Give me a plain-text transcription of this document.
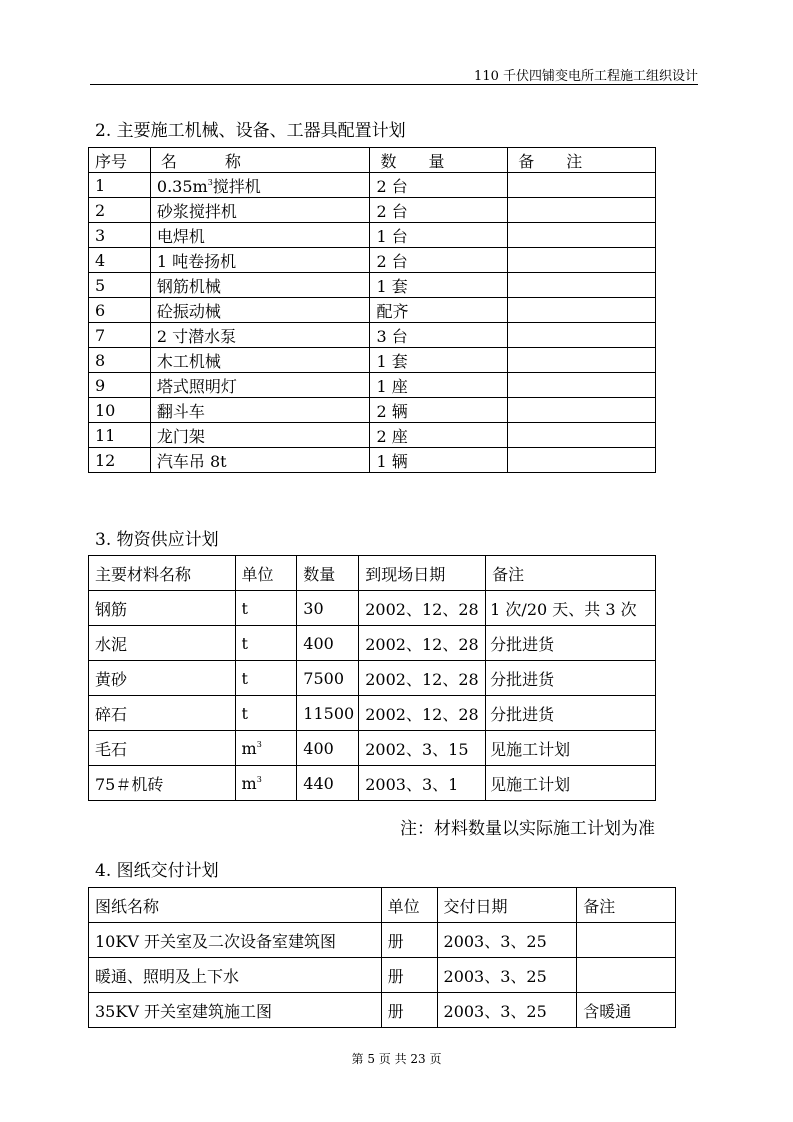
110 千伏四铺变电所工程施工组织设计
2. 主要施工机械、设备、工器具配置计划
序号	名　　　称	数　　量	备　　注
1	$0.35m^3$搅拌机	2 台	
2	砂浆搅拌机	2 台	
3	电焊机	1 台	
4	1 吨卷扬机	2 台	
5	钢筋机械	1 套	
6	砼振动械	配齐	
7	2 寸潜水泵	3 台	
8	木工机械	1 套	
9	塔式照明灯	1 座	
10	翻斗车	2 辆	
11	龙门架	2 座	
12	汽车吊 8t	1 辆	
3. 物资供应计划
主要材料名称	单位	数量	到现场日期	备注
钢筋	t	30	2002、12、28	1 次/20 天、共 3 次
水泥	t	400	2002、12、28	分批进货
黄砂	t	7500	2002、12、28	分批进货
碎石	t	11500	2002、12、28	分批进货
毛石	$m^3$	400	2002、3、15	见施工计划
75＃机砖	$m^3$	440	2003、3、1	见施工计划
注：材料数量以实际施工计划为准
4. 图纸交付计划
图纸名称	单位	交付日期	备注
10KV 开关室及二次设备室建筑图	册	2003、3、25	
暖通、照明及上下水	册	2003、3、25	
35KV 开关室建筑施工图	册	2003、3、25	含暖通
第 5 页 共 23 页
